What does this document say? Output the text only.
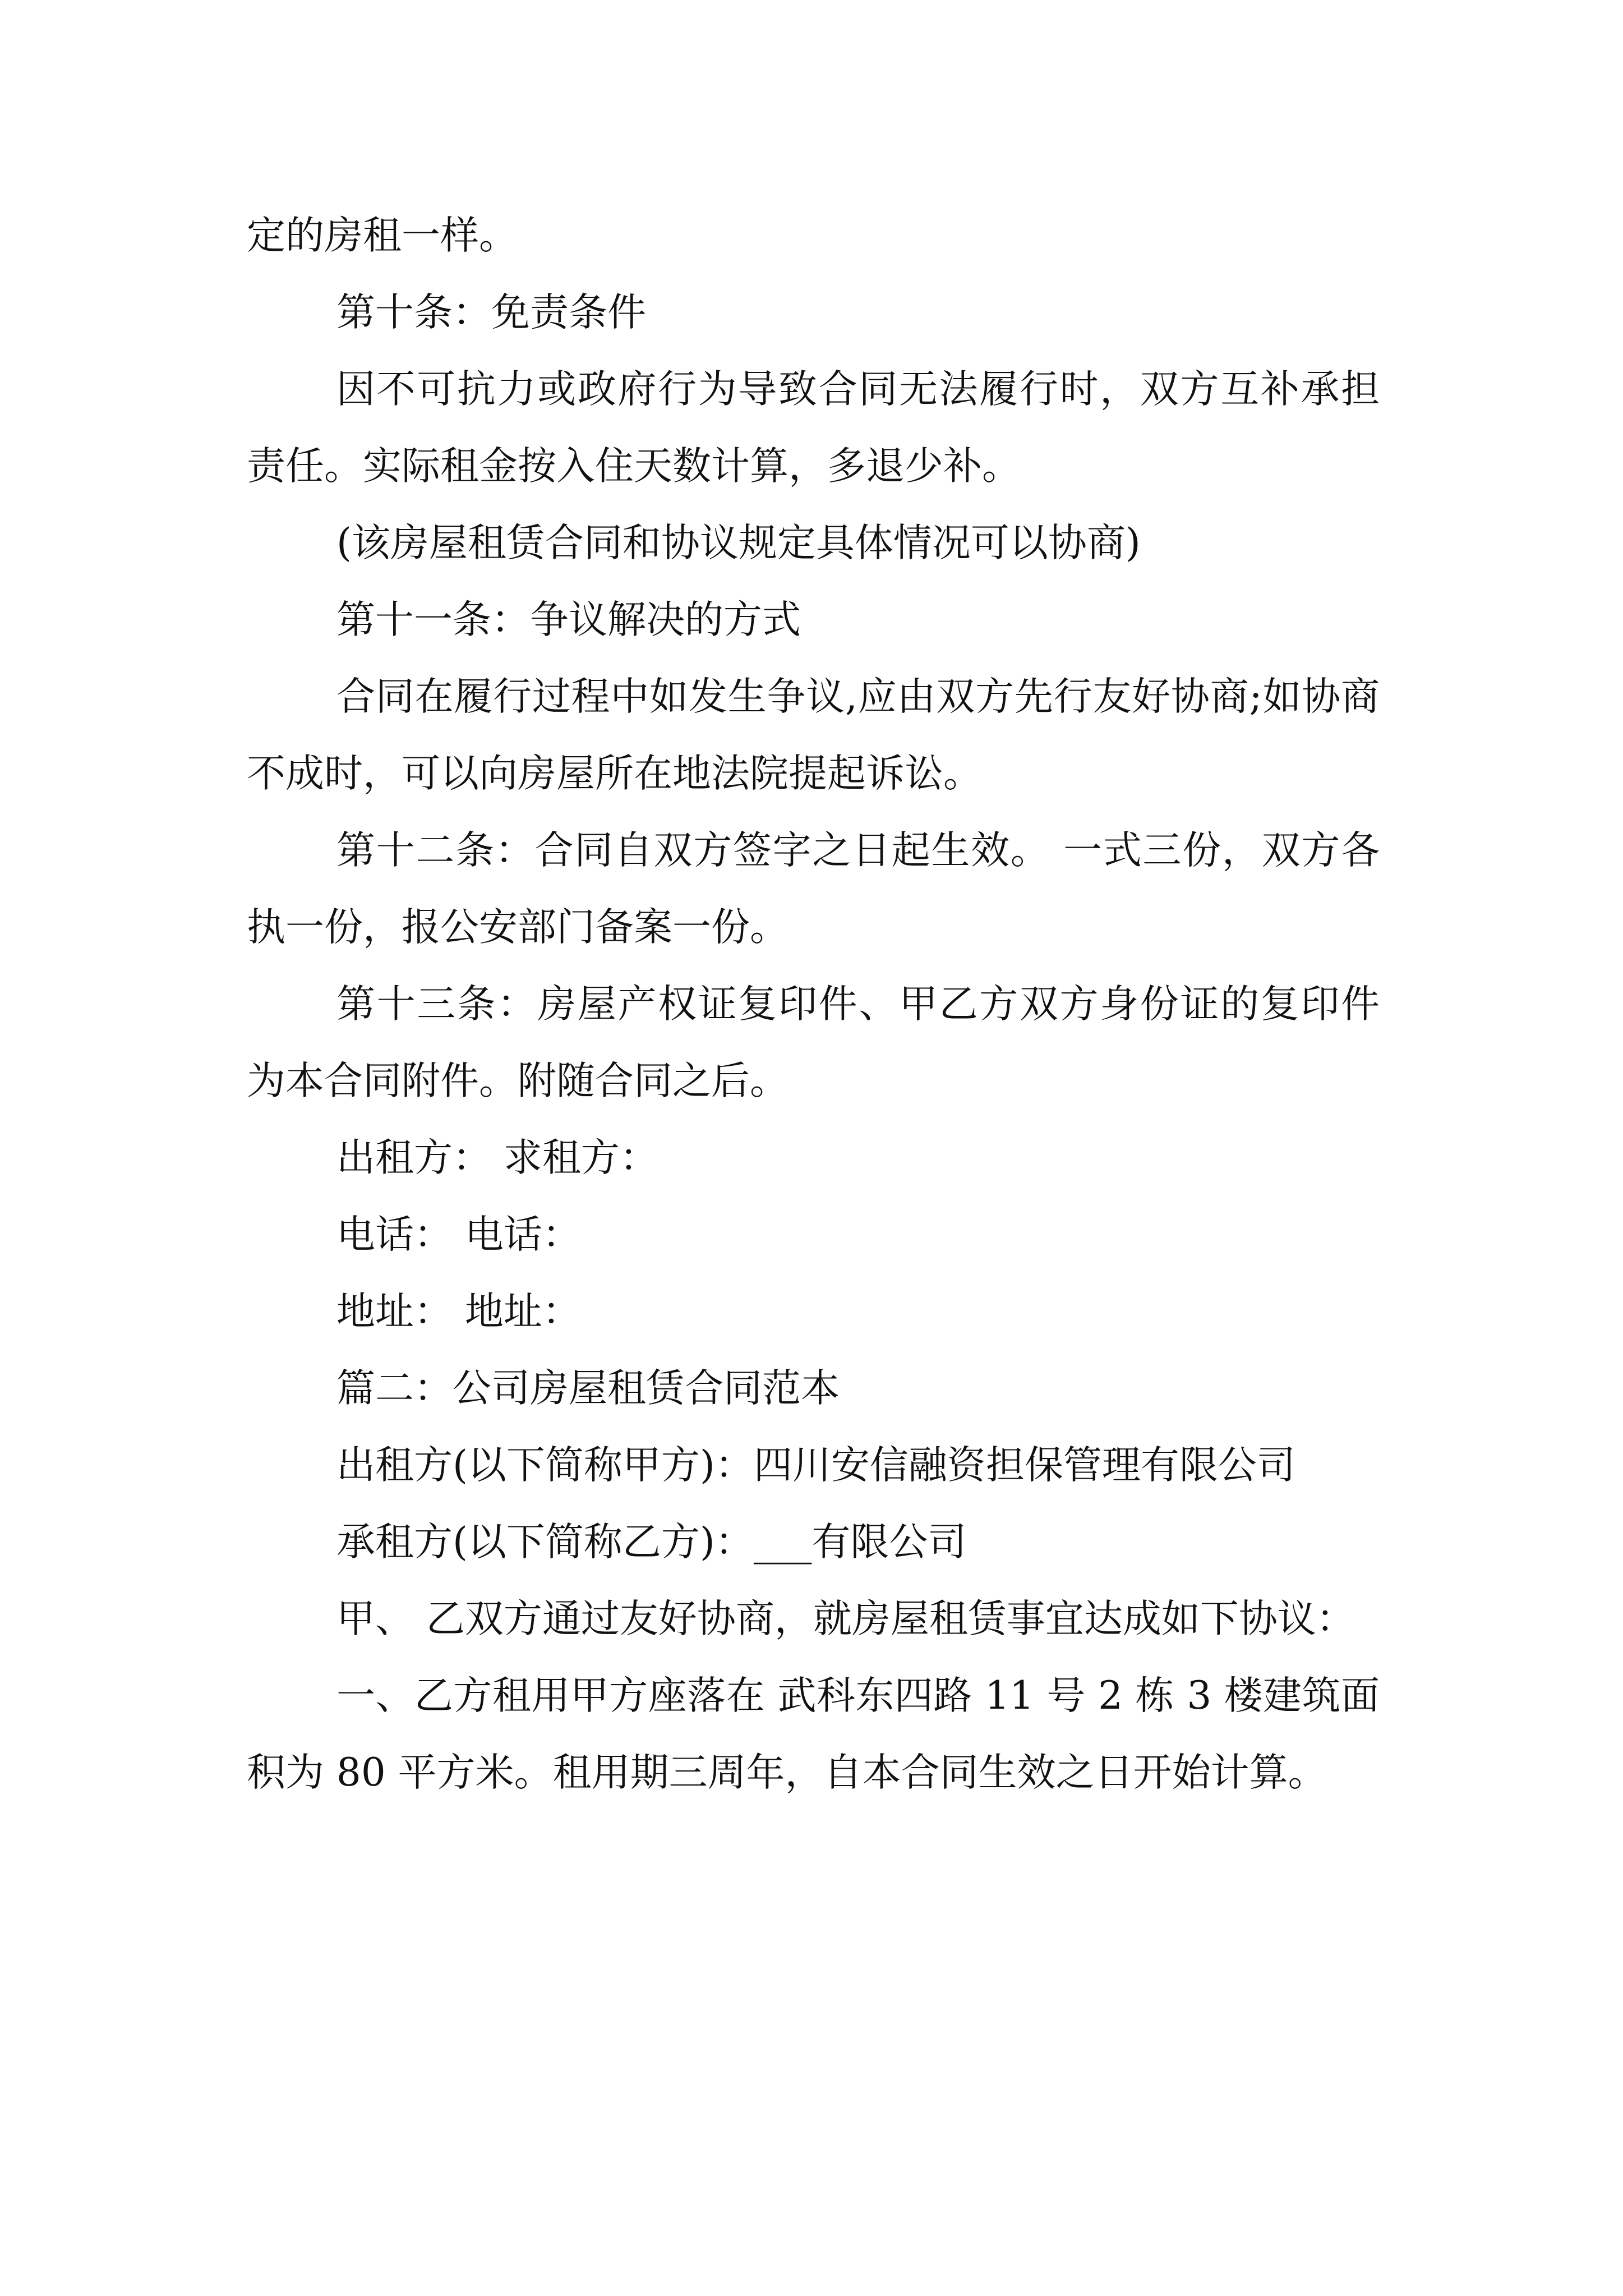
定的房租一样。

第十条：免责条件

因不可抗力或政府行为导致合同无法履行时，双方互补承担责任。实际租金按入住天数计算，多退少补。

(该房屋租赁合同和协议规定具体情况可以协商)

第十一条：争议解决的方式

合同在履行过程中如发生争议,应由双方先行友好协商;如协商不成时，可以向房屋所在地法院提起诉讼。

第十二条：合同自双方签字之日起生效。 一式三份，双方各执一份，报公安部门备案一份。

第十三条：房屋产权证复印件、甲乙方双方身份证的复印件为本合同附件。附随合同之后。

出租方： 求租方：

电话： 电话：

地址： 地址：

篇二：公司房屋租赁合同范本

出租方(以下简称甲方)：四川安信融资担保管理有限公司

承租方(以下简称乙方)：___有限公司

甲、 乙双方通过友好协商，就房屋租赁事宜达成如下协议：

一、乙方租用甲方座落在 武科东四路 11 号 2 栋 3 楼建筑面积为 80 平方米。租用期三周年，自本合同生效之日开始计算。
